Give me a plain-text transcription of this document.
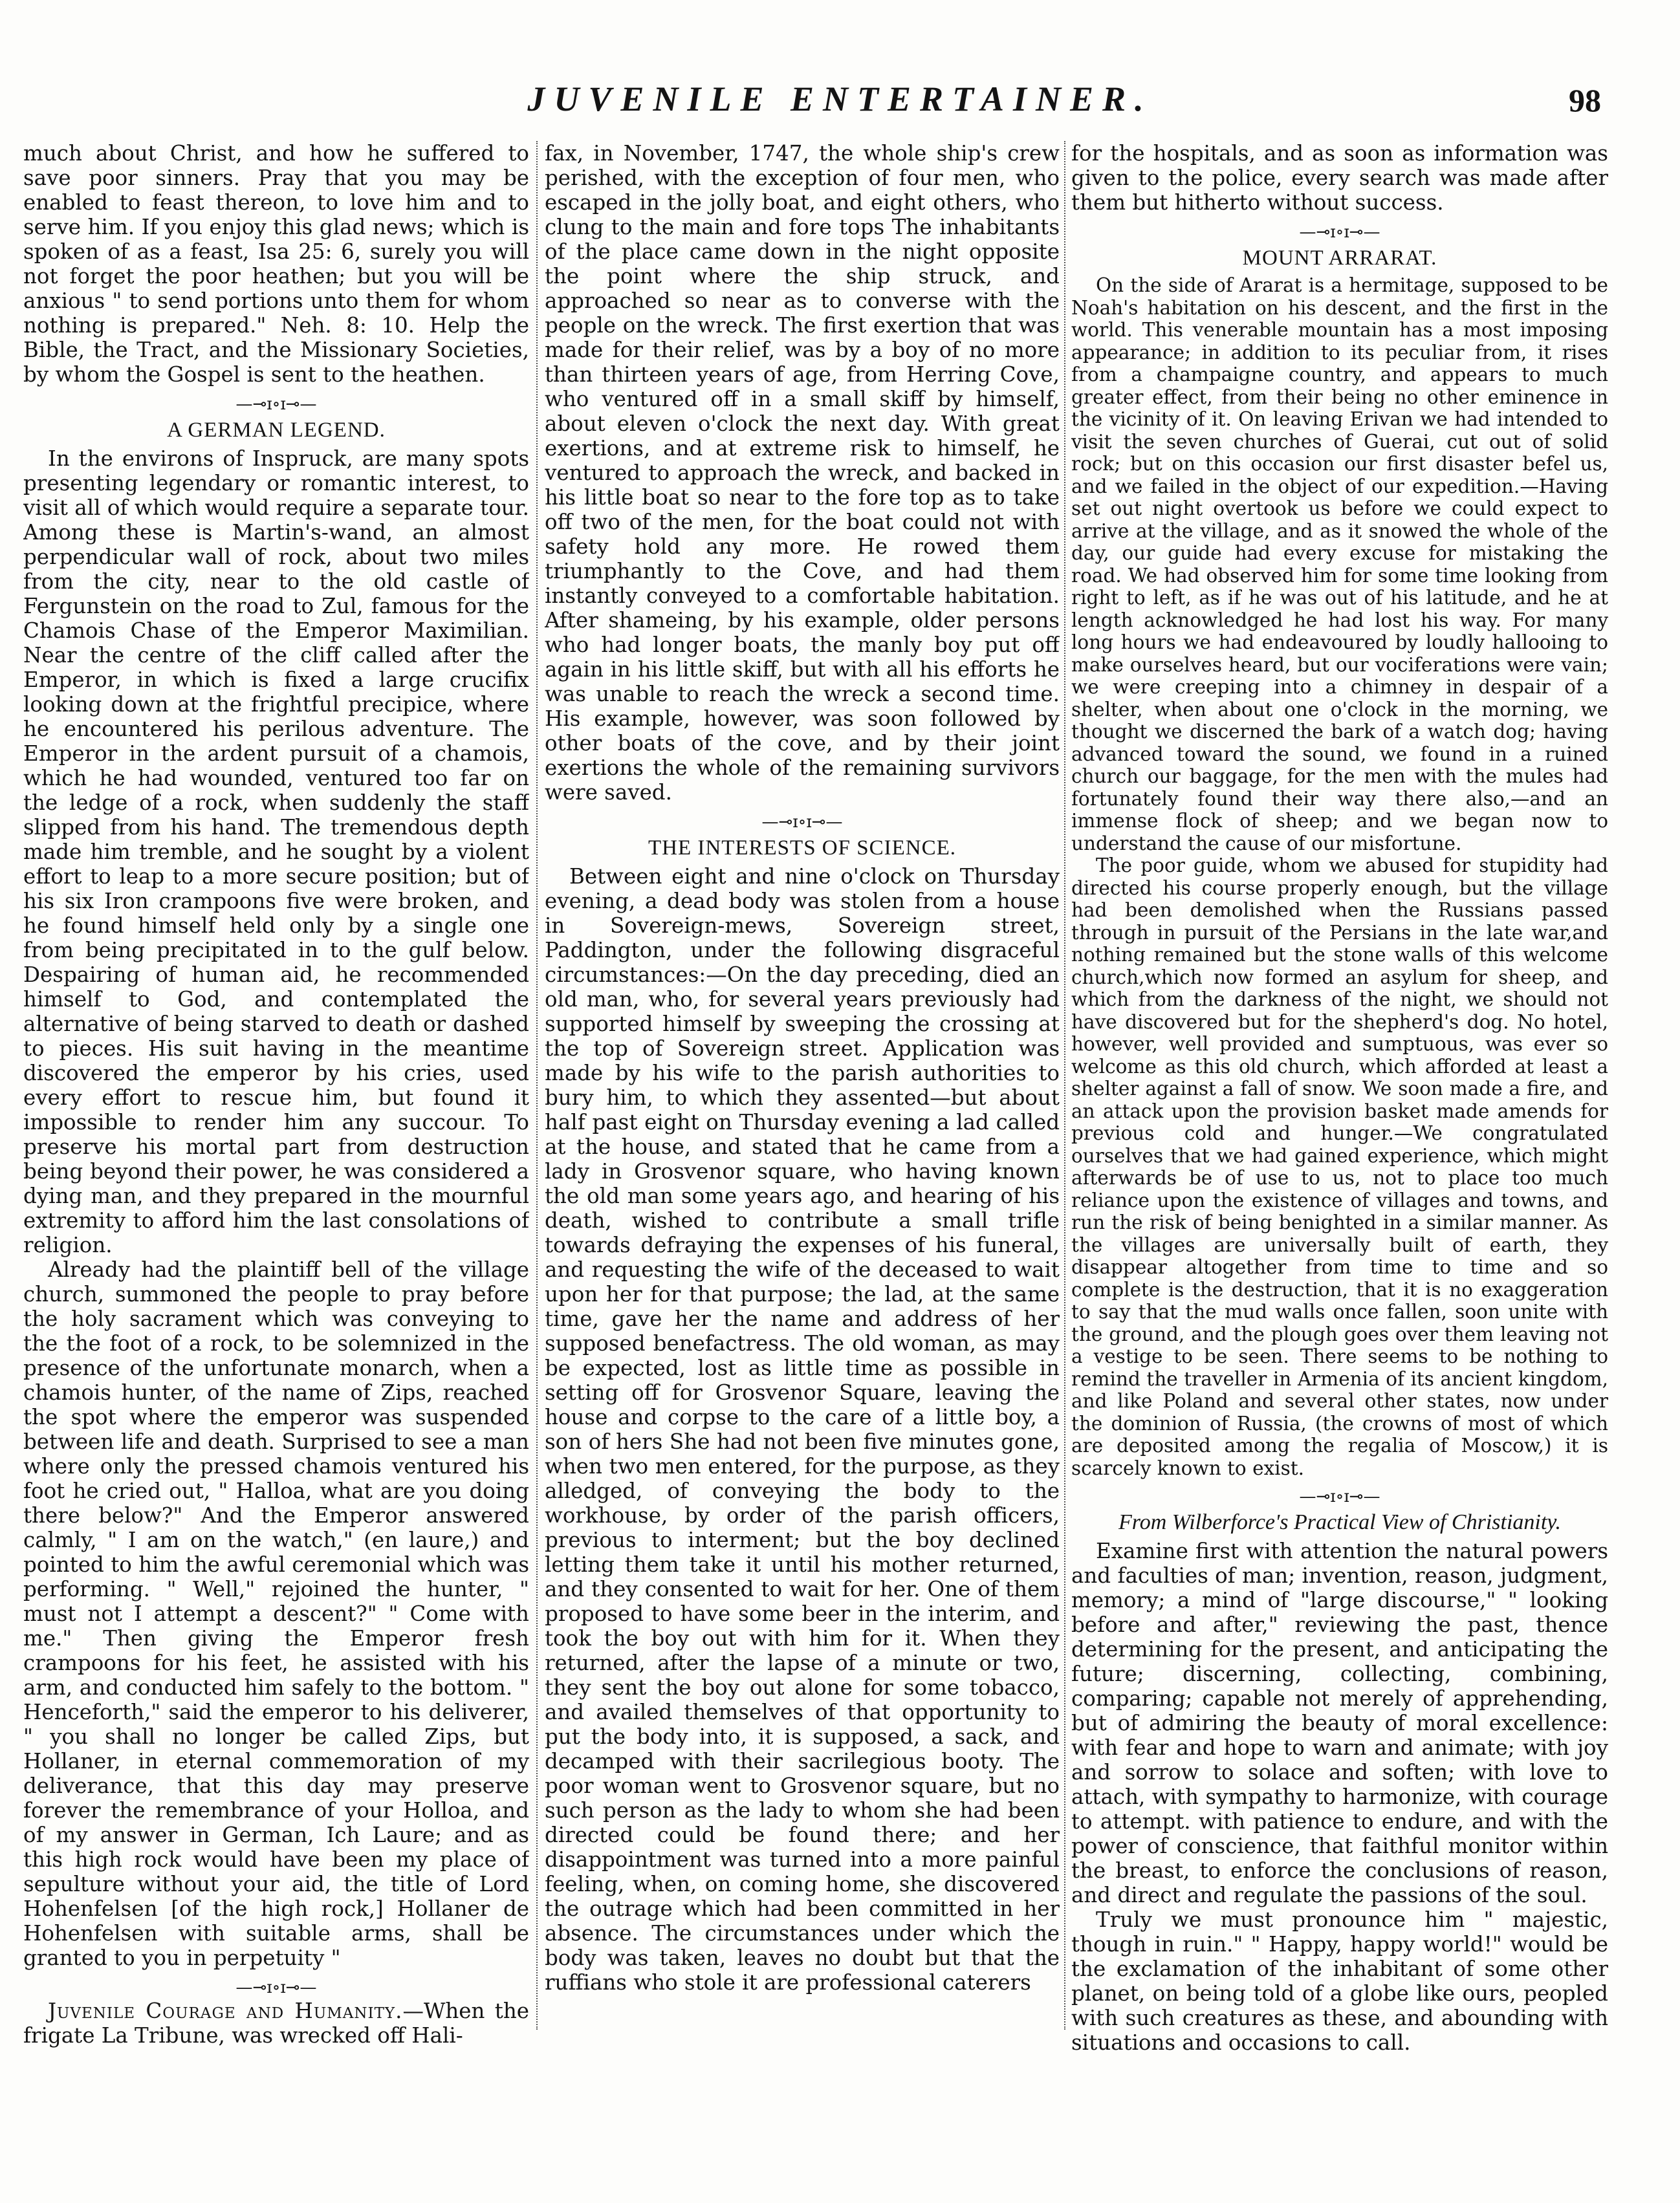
JUVENILE ENTERTAINER.	98

much about Christ, and how he suffered to save poor sinners. Pray that you may be enabled to feast thereon, to love him and to serve him. If you enjoy this glad news; which is spoken of as a feast, Isa 25: 6, surely you will not forget the poor heathen; but you will be anxious " to send portions unto them for whom nothing is prepared." Neh. 8: 10. Help the Bible, the Tract, and the Missionary Societies, by whom the Gospel is sent to the heathen.

—⊸ɪ∘ɪ⊸—
A GERMAN LEGEND.

In the environs of Inspruck, are many spots presenting legendary or romantic interest, to visit all of which would require a separate tour. Among these is Martin's-wand, an almost perpendicular wall of rock, about two miles from the city, near to the old castle of Fergunstein on the road to Zul, famous for the Chamois Chase of the Emperor Maximilian. Near the centre of the cliff called after the Emperor, in which is fixed a large crucifix looking down at the frightful precipice, where he encountered his perilous adventure. The Emperor in the ardent pursuit of a chamois, which he had wounded, ventured too far on the ledge of a rock, when suddenly the staff slipped from his hand. The tremendous depth made him tremble, and he sought by a violent effort to leap to a more secure position; but of his six Iron crampoons five were broken, and he found himself held only by a single one from being precipitated in to the gulf below. Despairing of human aid, he recommended himself to God, and contemplated the alternative of being starved to death or dashed to pieces. His suit having in the meantime discovered the emperor by his cries, used every effort to rescue him, but found it impossible to render him any succour. To preserve his mortal part from destruction being beyond their power, he was considered a dying man, and they prepared in the mournful extremity to afford him the last consolations of religion.

Already had the plaintiff bell of the village church, summoned the people to pray before the holy sacrament which was conveying to the the foot of a rock, to be solemnized in the presence of the unfortunate monarch, when a chamois hunter, of the name of Zips, reached the spot where the emperor was suspended between life and death. Surprised to see a man where only the pressed chamois ventured his foot he cried out, " Halloa, what are you doing there below?" And the Emperor answered calmly, " I am on the watch," (en laure,) and pointed to him the awful ceremonial which was performing. " Well," rejoined the hunter, " must not I attempt a descent?" " Come with me." Then giving the Emperor fresh crampoons for his feet, he assisted with his arm, and conducted him safely to the bottom. " Henceforth," said the emperor to his deliverer, " you shall no longer be called Zips, but Hollaner, in eternal commemoration of my deliverance, that this day may preserve forever the remembrance of your Holloa, and of my answer in German, Ich Laure; and as this high rock would have been my place of sepulture without your aid, the title of Lord Hohenfelsen [of the high rock,] Hollaner de Hohenfelsen with suitable arms, shall be granted to you in perpetuity "

—⊸ɪ∘ɪ⊸—

Juvenile Courage and Humanity.—When the frigate La Tribune, was wrecked off Hali-

fax, in November, 1747, the whole ship's crew perished, with the exception of four men, who escaped in the jolly boat, and eight others, who clung to the main and fore tops The inhabitants of the place came down in the night opposite the point where the ship struck, and approached so near as to converse with the people on the wreck. The first exertion that was made for their relief, was by a boy of no more than thirteen years of age, from Herring Cove, who ventured off in a small skiff by himself, about eleven o'clock the next day. With great exertions, and at extreme risk to himself, he ventured to approach the wreck, and backed in his little boat so near to the fore top as to take off two of the men, for the boat could not with safety hold any more. He rowed them triumphantly to the Cove, and had them instantly conveyed to a comfortable habitation. After shameing, by his example, older persons who had longer boats, the manly boy put off again in his little skiff, but with all his efforts he was unable to reach the wreck a second time. His example, however, was soon followed by other boats of the cove, and by their joint exertions the whole of the remaining survivors were saved.

—⊸ɪ∘ɪ⊸—
THE INTERESTS OF SCIENCE.

Between eight and nine o'clock on Thursday evening, a dead body was stolen from a house in Sovereign-mews, Sovereign street, Paddington, under the following disgraceful circumstances:—On the day preceding, died an old man, who, for several years previously had supported himself by sweeping the crossing at the top of Sovereign street. Application was made by his wife to the parish authorities to bury him, to which they assented—but about half past eight on Thursday evening a lad called at the house, and stated that he came from a lady in Grosvenor square, who having known the old man some years ago, and hearing of his death, wished to contribute a small trifle towards defraying the expenses of his funeral, and requesting the wife of the deceased to wait upon her for that purpose; the lad, at the same time, gave her the name and address of her supposed benefactress. The old woman, as may be expected, lost as little time as possible in setting off for Grosvenor Square, leaving the house and corpse to the care of a little boy, a son of hers She had not been five minutes gone, when two men entered, for the purpose, as they alledged, of conveying the body to the workhouse, by order of the parish officers, previous to interment; but the boy declined letting them take it until his mother returned, and they consented to wait for her. One of them proposed to have some beer in the interim, and took the boy out with him for it. When they returned, after the lapse of a minute or two, they sent the boy out alone for some tobacco, and availed themselves of that opportunity to put the body into, it is supposed, a sack, and decamped with their sacrilegious booty. The poor woman went to Grosvenor square, but no such person as the lady to whom she had been directed could be found there; and her disappointment was turned into a more painful feeling, when, on coming home, she discovered the outrage which had been committed in her absence. The circumstances under which the body was taken, leaves no doubt but that the ruffians who stole it are professional caterers

for the hospitals, and as soon as information was given to the police, every search was made after them but hitherto without success.

—⊸ɪ∘ɪ⊸—
MOUNT ARRARAT.

On the side of Ararat is a hermitage, supposed to be Noah's habitation on his descent, and the first in the world. This venerable mountain has a most imposing appearance; in addition to its peculiar from, it rises from a champaigne country, and appears to much greater effect, from their being no other eminence in the vicinity of it. On leaving Erivan we had intended to visit the seven churches of Guerai, cut out of solid rock; but on this occasion our first disaster befel us, and we failed in the object of our expedition.—Having set out night overtook us before we could expect to arrive at the village, and as it snowed the whole of the day, our guide had every excuse for mistaking the road. We had observed him for some time looking from right to left, as if he was out of his latitude, and he at length acknowledged he had lost his way. For many long hours we had endeavoured by loudly hallooing to make ourselves heard, but our vociferations were vain; we were creeping into a chimney in despair of a shelter, when about one o'clock in the morning, we thought we discerned the bark of a watch dog; having advanced toward the sound, we found in a ruined church our baggage, for the men with the mules had fortunately found their way there also,—and an immense flock of sheep; and we began now to understand the cause of our misfortune.

The poor guide, whom we abused for stupidity had directed his course properly enough, but the village had been demolished when the Russians passed through in pursuit of the Persians in the late war,and nothing remained but the stone walls of this welcome church,which now formed an asylum for sheep, and which from the darkness of the night, we should not have discovered but for the shepherd's dog. No hotel, however, well provided and sumptuous, was ever so welcome as this old church, which afforded at least a shelter against a fall of snow. We soon made a fire, and an attack upon the provision basket made amends for previous cold and hunger.—We congratulated ourselves that we had gained experience, which might afterwards be of use to us, not to place too much reliance upon the existence of villages and towns, and run the risk of being benighted in a similar manner. As the villages are universally built of earth, they disappear altogether from time to time and so complete is the destruction, that it is no exaggeration to say that the mud walls once fallen, soon unite with the ground, and the plough goes over them leaving not a vestige to be seen. There seems to be nothing to remind the traveller in Armenia of its ancient kingdom, and like Poland and several other states, now under the dominion of Russia, (the crowns of most of which are deposited among the regalia of Moscow,) it is scarcely known to exist.

—⊸ɪ∘ɪ⊸—
From Wilberforce's Practical View of Christianity.

Examine first with attention the natural powers and faculties of man; invention, reason, judgment, memory; a mind of "large discourse," " looking before and after," reviewing the past, thence determining for the present, and anticipating the future; discerning, collecting, combining, comparing; capable not merely of apprehending, but of admiring the beauty of moral excellence: with fear and hope to warn and animate; with joy and sorrow to solace and soften; with love to attach, with sympathy to harmonize, with courage to attempt. with patience to endure, and with the power of conscience, that faithful monitor within the breast, to enforce the conclusions of reason, and direct and regulate the passions of the soul.

Truly we must pronounce him " majestic, though in ruin." " Happy, happy world!" would be the exclamation of the inhabitant of some other planet, on being told of a globe like ours, peopled with such creatures as these, and abounding with situations and occasions to call.
